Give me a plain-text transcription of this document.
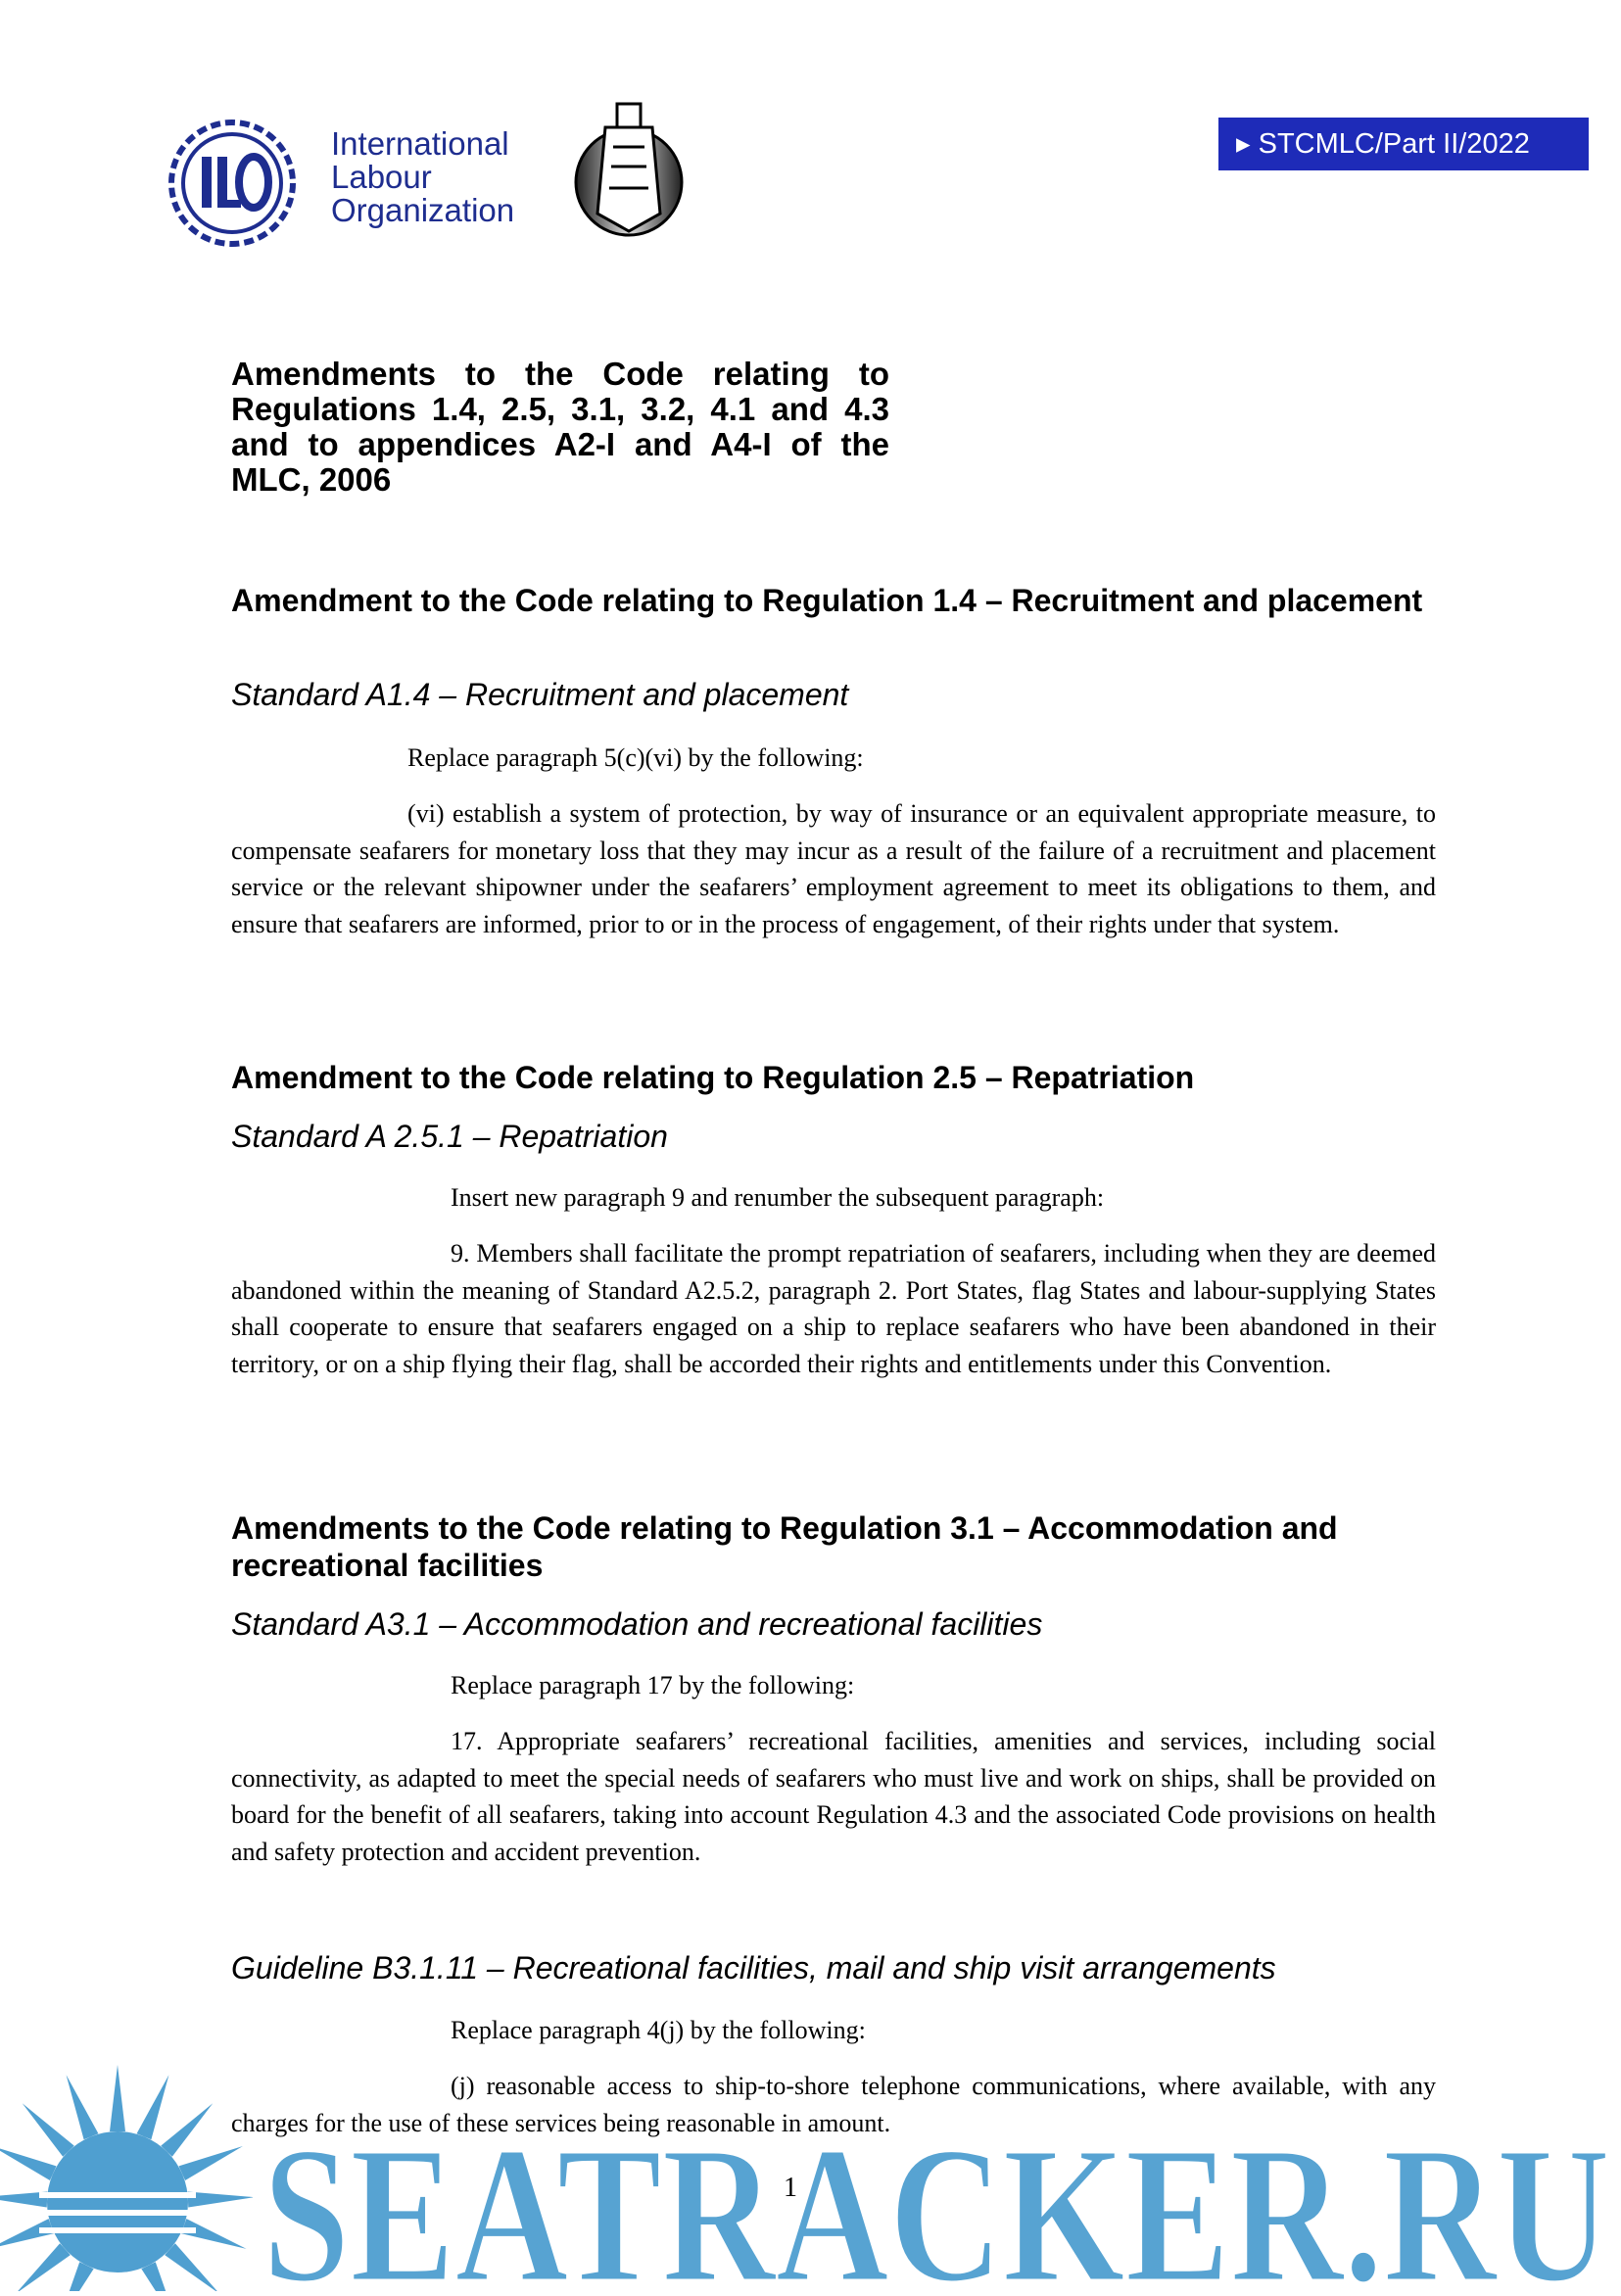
International
Labour
Organization
▸ STCMLC/Part II/2022
Amendments to the Code relating to Regulations 1.4, 2.5, 3.1, 3.2, 4.1 and 4.3 and to appendices A2-I and A4-I of the MLC, 2006
Amendment to the Code relating to Regulation 1.4 – Recruitment and placement
Standard A1.4 – Recruitment and placement
Replace paragraph 5(c)(vi) by the following:
(vi) establish a system of protection, by way of insurance or an equivalent appropriate measure, to compensate seafarers for monetary loss that they may incur as a result of the failure of a recruitment and placement service or the relevant shipowner under the seafarers’ employment agreement to meet its obligations to them, and ensure that seafarers are informed, prior to or in the process of engagement, of their rights under that system.
Amendment to the Code relating to Regulation 2.5 – Repatriation
Standard A 2.5.1 – Repatriation
Insert new paragraph 9 and renumber the subsequent paragraph:
9. Members shall facilitate the prompt repatriation of seafarers, including when they are deemed abandoned within the meaning of Standard A2.5.2, paragraph 2. Port States, flag States and labour-supplying States shall cooperate to ensure that seafarers engaged on a ship to replace seafarers who have been abandoned in their territory, or on a ship flying their flag, shall be accorded their rights and entitlements under this Convention.
Amendments to the Code relating to Regulation 3.1 – Accommodation and recreational facilities
Standard A3.1 – Accommodation and recreational facilities
Replace paragraph 17 by the following:
17. Appropriate seafarers’ recreational facilities, amenities and services, including social connectivity, as adapted to meet the special needs of seafarers who must live and work on ships, shall be provided on board for the benefit of all seafarers, taking into account Regulation 4.3 and the associated Code provisions on health and safety protection and accident prevention.
Guideline B3.1.11 – Recreational facilities, mail and ship visit arrangements
Replace paragraph 4(j) by the following:
(j) reasonable access to ship-to-shore telephone communications, where available, with any charges for the use of these services being reasonable in amount.
1
SEATRACKER.RU
